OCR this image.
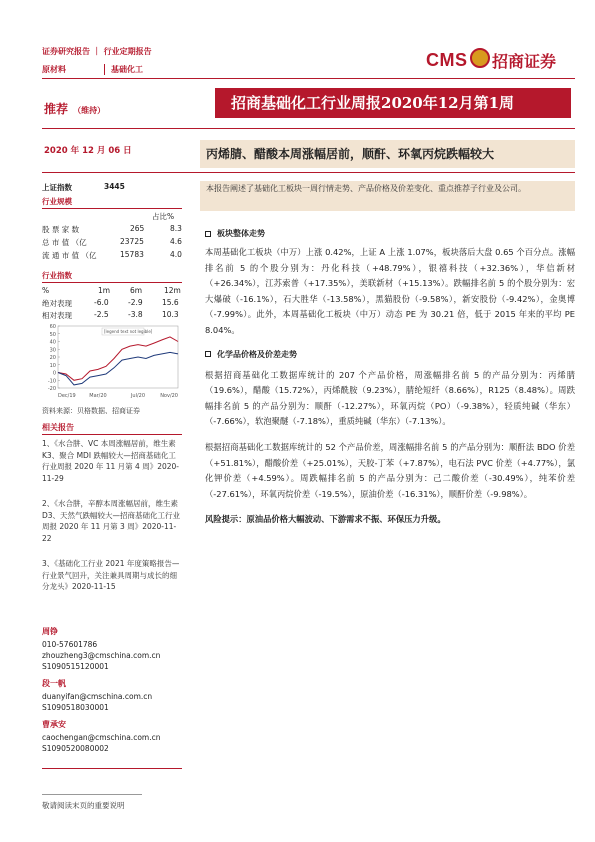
证券研究报告 ｜ 行业定期报告
原材料	基础化工	CMS 招商证券
推荐 （维持）	招商基础化工行业周报2020年12月第1周
2020 年 12 月 06 日	丙烯腈、醋酸本周涨幅居前，顺酐、环氧丙烷跌幅较大
上证指数	3445
行业规模
占比%
股 票 家 数	265	8.3
总 市 值 （亿	23725	4.6
流 通 市 值 （亿	15783	4.0
行业指数
%	1m	6m	12m
绝对表现	-6.0	-2.9	15.6
相对表现	-2.5	-3.8	10.3
60
50
40
30
20
10
0
-10
-20
Dec/19	Mar/20	Jul/20	Nov/20
[legend text not legible]
资料来源：贝格数据、招商证券
相关报告
1、《水合肼、VC 本周涨幅居前，维生素 K3、聚合 MDI 跌幅较大—招商基础化工行业周报 2020 年 11 月第 4 周》2020-11-29
2、《水合肼，辛醇本周涨幅居前，维生素 D3、天然气跌幅较大—招商基础化工行业周报 2020 年 11 月第 3 周》2020-11-22
3、《基础化工行业 2021 年度策略报告—行业景气回升，关注兼具周期与成长的细分龙头》2020-11-15
周铮
010-57601786
zhouzheng3@cmschina.com.cn
S1090515120001
段一帆
duanyifan@cmschina.com.cn
S1090518030001
曹承安
caochengan@cmschina.com.cn
S1090520080002
本报告阐述了基础化工板块一周行情走势、产品价格及价差变化、重点推荐子行业及公司。
板块整体走势

本周基础化工板块（中万）上涨 0.42%，上证 A 上涨 1.07%，板块落后大盘 0.65 个百分点。涨幅排名前 5 的个股分别为：丹化科技（+48.79%），银禧科技（+32.36%），华信新材（+26.34%），江苏索普（+17.35%），美联新材（+15.13%）。跌幅排名前 5 的个股分别为：宏大爆破（-16.1%），石大胜华（-13.58%），黑猫股份（-9.58%），新安股份（-9.42%），金奥博（-7.99%）。此外，本周基础化工板块（中万）动态 PE 为 30.21 倍，低于 2015 年来的平均 PE 8.04%。

化学品价格及价差走势

根据招商基础化工数据库统计的 207 个产品价格，周涨幅排名前 5 的产品分别为：丙烯腈（19.6%），醋酸（15.72%），丙烯酰胺（9.23%），腈纶短纤（8.66%），R125（8.48%）。周跌幅排名前 5 的产品分别为：顺酐（-12.27%），环氧丙烷（PO）（-9.38%），轻质纯碱（华东）（-7.66%），软泡聚醚（-7.18%），重质纯碱（华东）（-7.13%）。

根据招商基础化工数据库统计的 52 个产品价差，周涨幅排名前 5 的产品分别为：顺酐法 BDO 价差（+51.81%），醋酸价差（+25.01%），天胶-丁苯（+7.87%），电石法 PVC 价差（+4.77%），氯化钾价差（+4.59%）。周跌幅排名前 5 的产品分别为：己二酸价差（-30.49%），纯苯价差（-27.61%），环氧丙烷价差（-19.5%），原油价差（-16.31%），顺酐价差（-9.98%）。

风险提示：原油品价格大幅波动、下游需求不振、环保压力升级。

敬请阅读末页的重要说明
